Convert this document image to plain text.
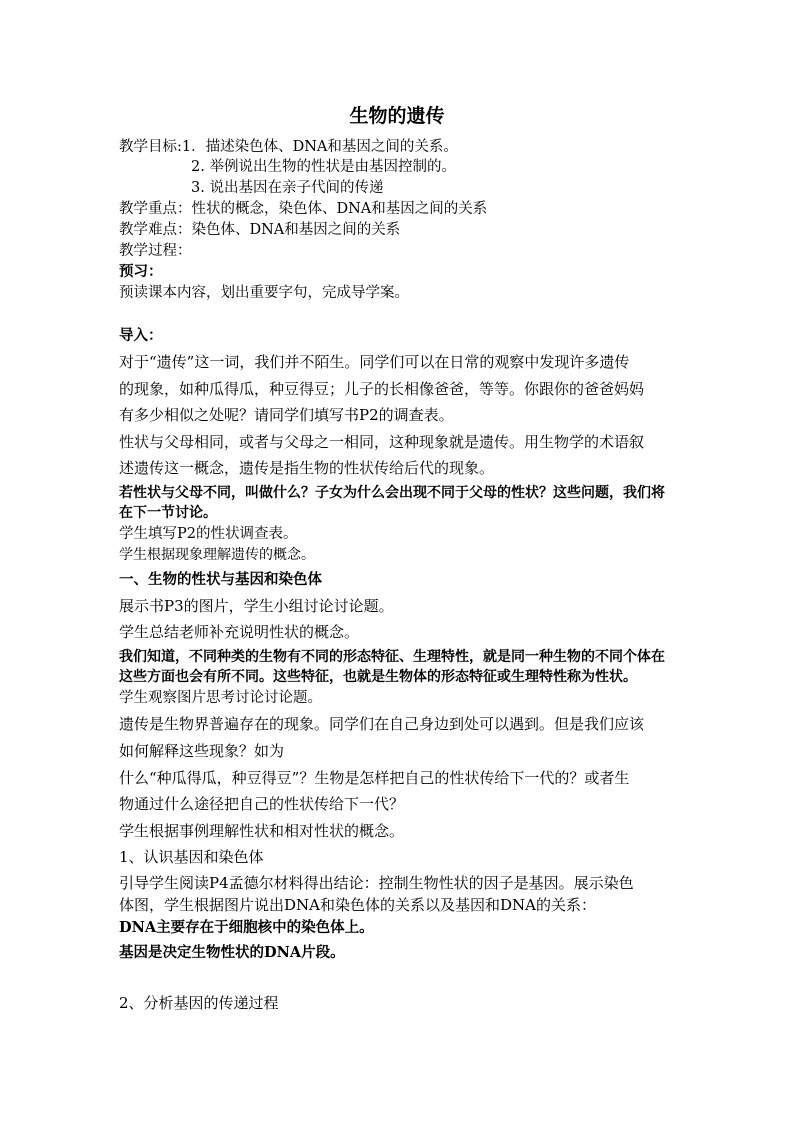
生物的遗传
教学目标:1．描述染色体、DNA和基因之间的关系。
2. 举例说出生物的性状是由基因控制的。
3. 说出基因在亲子代间的传递
教学重点：性状的概念，染色体、DNA和基因之间的关系
教学难点：染色体、DNA和基因之间的关系
教学过程：
预习：
预读课本内容，划出重要字句，完成导学案。
导入：
对于“遗传”这一词，我们并不陌生。同学们可以在日常的观察中发现许多遗传
的现象，如种瓜得瓜，种豆得豆；儿子的长相像爸爸，等等。你跟你的爸爸妈妈
有多少相似之处呢？请同学们填写书P2的调查表。
性状与父母相同，或者与父母之一相同，这种现象就是遗传。用生物学的术语叙
述遗传这一概念，遗传是指生物的性状传给后代的现象。
若性状与父母不同，叫做什么？子女为什么会出现不同于父母的性状？这些问题，我们将
在下一节讨论。
学生填写P2的性状调查表。
学生根据现象理解遗传的概念。
一、生物的性状与基因和染色体
展示书P3的图片，学生小组讨论讨论题。
学生总结老师补充说明性状的概念。
我们知道，不同种类的生物有不同的形态特征、生理特性，就是同一种生物的不同个体在
这些方面也会有所不同。这些特征，也就是生物体的形态特征或生理特性称为性状。
学生观察图片思考讨论讨论题。
遗传是生物界普遍存在的现象。同学们在自己身边到处可以遇到。但是我们应该
如何解释这些现象？如为
什么“种瓜得瓜，种豆得豆”？生物是怎样把自己的性状传给下一代的？或者生
物通过什么途径把自己的性状传给下一代？
学生根据事例理解性状和相对性状的概念。
1、认识基因和染色体
引导学生阅读P4孟德尔材料得出结论：控制生物性状的因子是基因。展示染色
体图，学生根据图片说出DNA和染色体的关系以及基因和DNA的关系：
DNA主要存在于细胞核中的染色体上。
基因是决定生物性状的DNA片段。
2、分析基因的传递过程
